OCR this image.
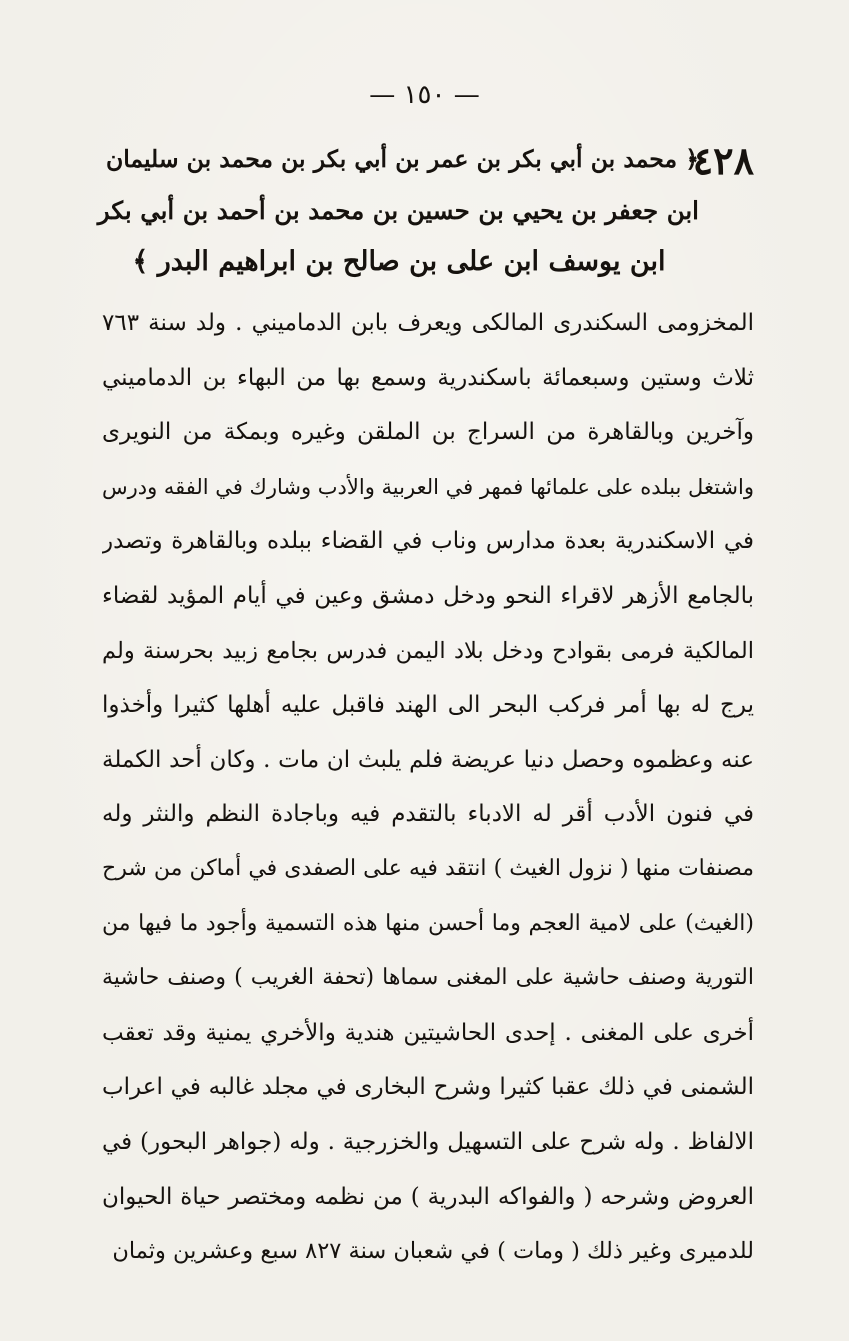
— ١٥٠ —
٤٢٨
﴿ محمد بن أبي بكر بن عمر بن أبي بكر بن محمد بن سليمان
ابن جعفر بن يحيي بن حسين بن محمد بن أحمد بن أبي بكر
ابن يوسف ابن على بن صالح بن ابراهيم البدر ﴾
المخزومى السكندرى المالكى ويعرف بابن الدماميني . ولد سنة ٧٦٣
ثلاث وستين وسبعمائة باسكندرية وسمع بها من البهاء بن الدماميني
وآخرين وبالقاهرة من السراج بن الملقن وغيره وبمكة من النويرى
واشتغل ببلده على علمائها فمهر في العربية والأدب وشارك في الفقه ودرس
في الاسكندرية بعدة مدارس وناب في القضاء ببلده وبالقاهرة وتصدر
بالجامع الأزهر لاقراء النحو ودخل دمشق وعين في أيام المؤيد لقضاء
المالكية فرمى بقوادح ودخل بلاد اليمن فدرس بجامع زبيد بحرسنة ولم
يرج له بها أمر فركب البحر الى الهند فاقبل عليه أهلها كثيرا وأخذوا
عنه وعظموه وحصل دنيا عريضة فلم يلبث ان مات . وكان أحد الكملة
في فنون الأدب أقر له الادباء بالتقدم فيه وباجادة النظم والنثر وله
مصنفات منها ( نزول الغيث ) انتقد فيه على الصفدى في أماكن من شرح
(الغيث) على لامية العجم وما أحسن منها هذه التسمية وأجود ما فيها من
التورية وصنف حاشية على المغنى سماها (تحفة الغريب ) وصنف حاشية
أخرى على المغنى . إحدى الحاشيتين هندية والأخري يمنية وقد تعقب
الشمنى في ذلك عقبا كثيرا وشرح البخارى في مجلد غالبه في اعراب
الالفاظ . وله شرح على التسهيل والخزرجية . وله (جواهر البحور) في
العروض وشرحه ( والفواكه البدرية ) من نظمه ومختصر حياة الحيوان
للدميرى وغير ذلك ( ومات ) في شعبان سنة ٨٢٧ سبع وعشرين وثمان
